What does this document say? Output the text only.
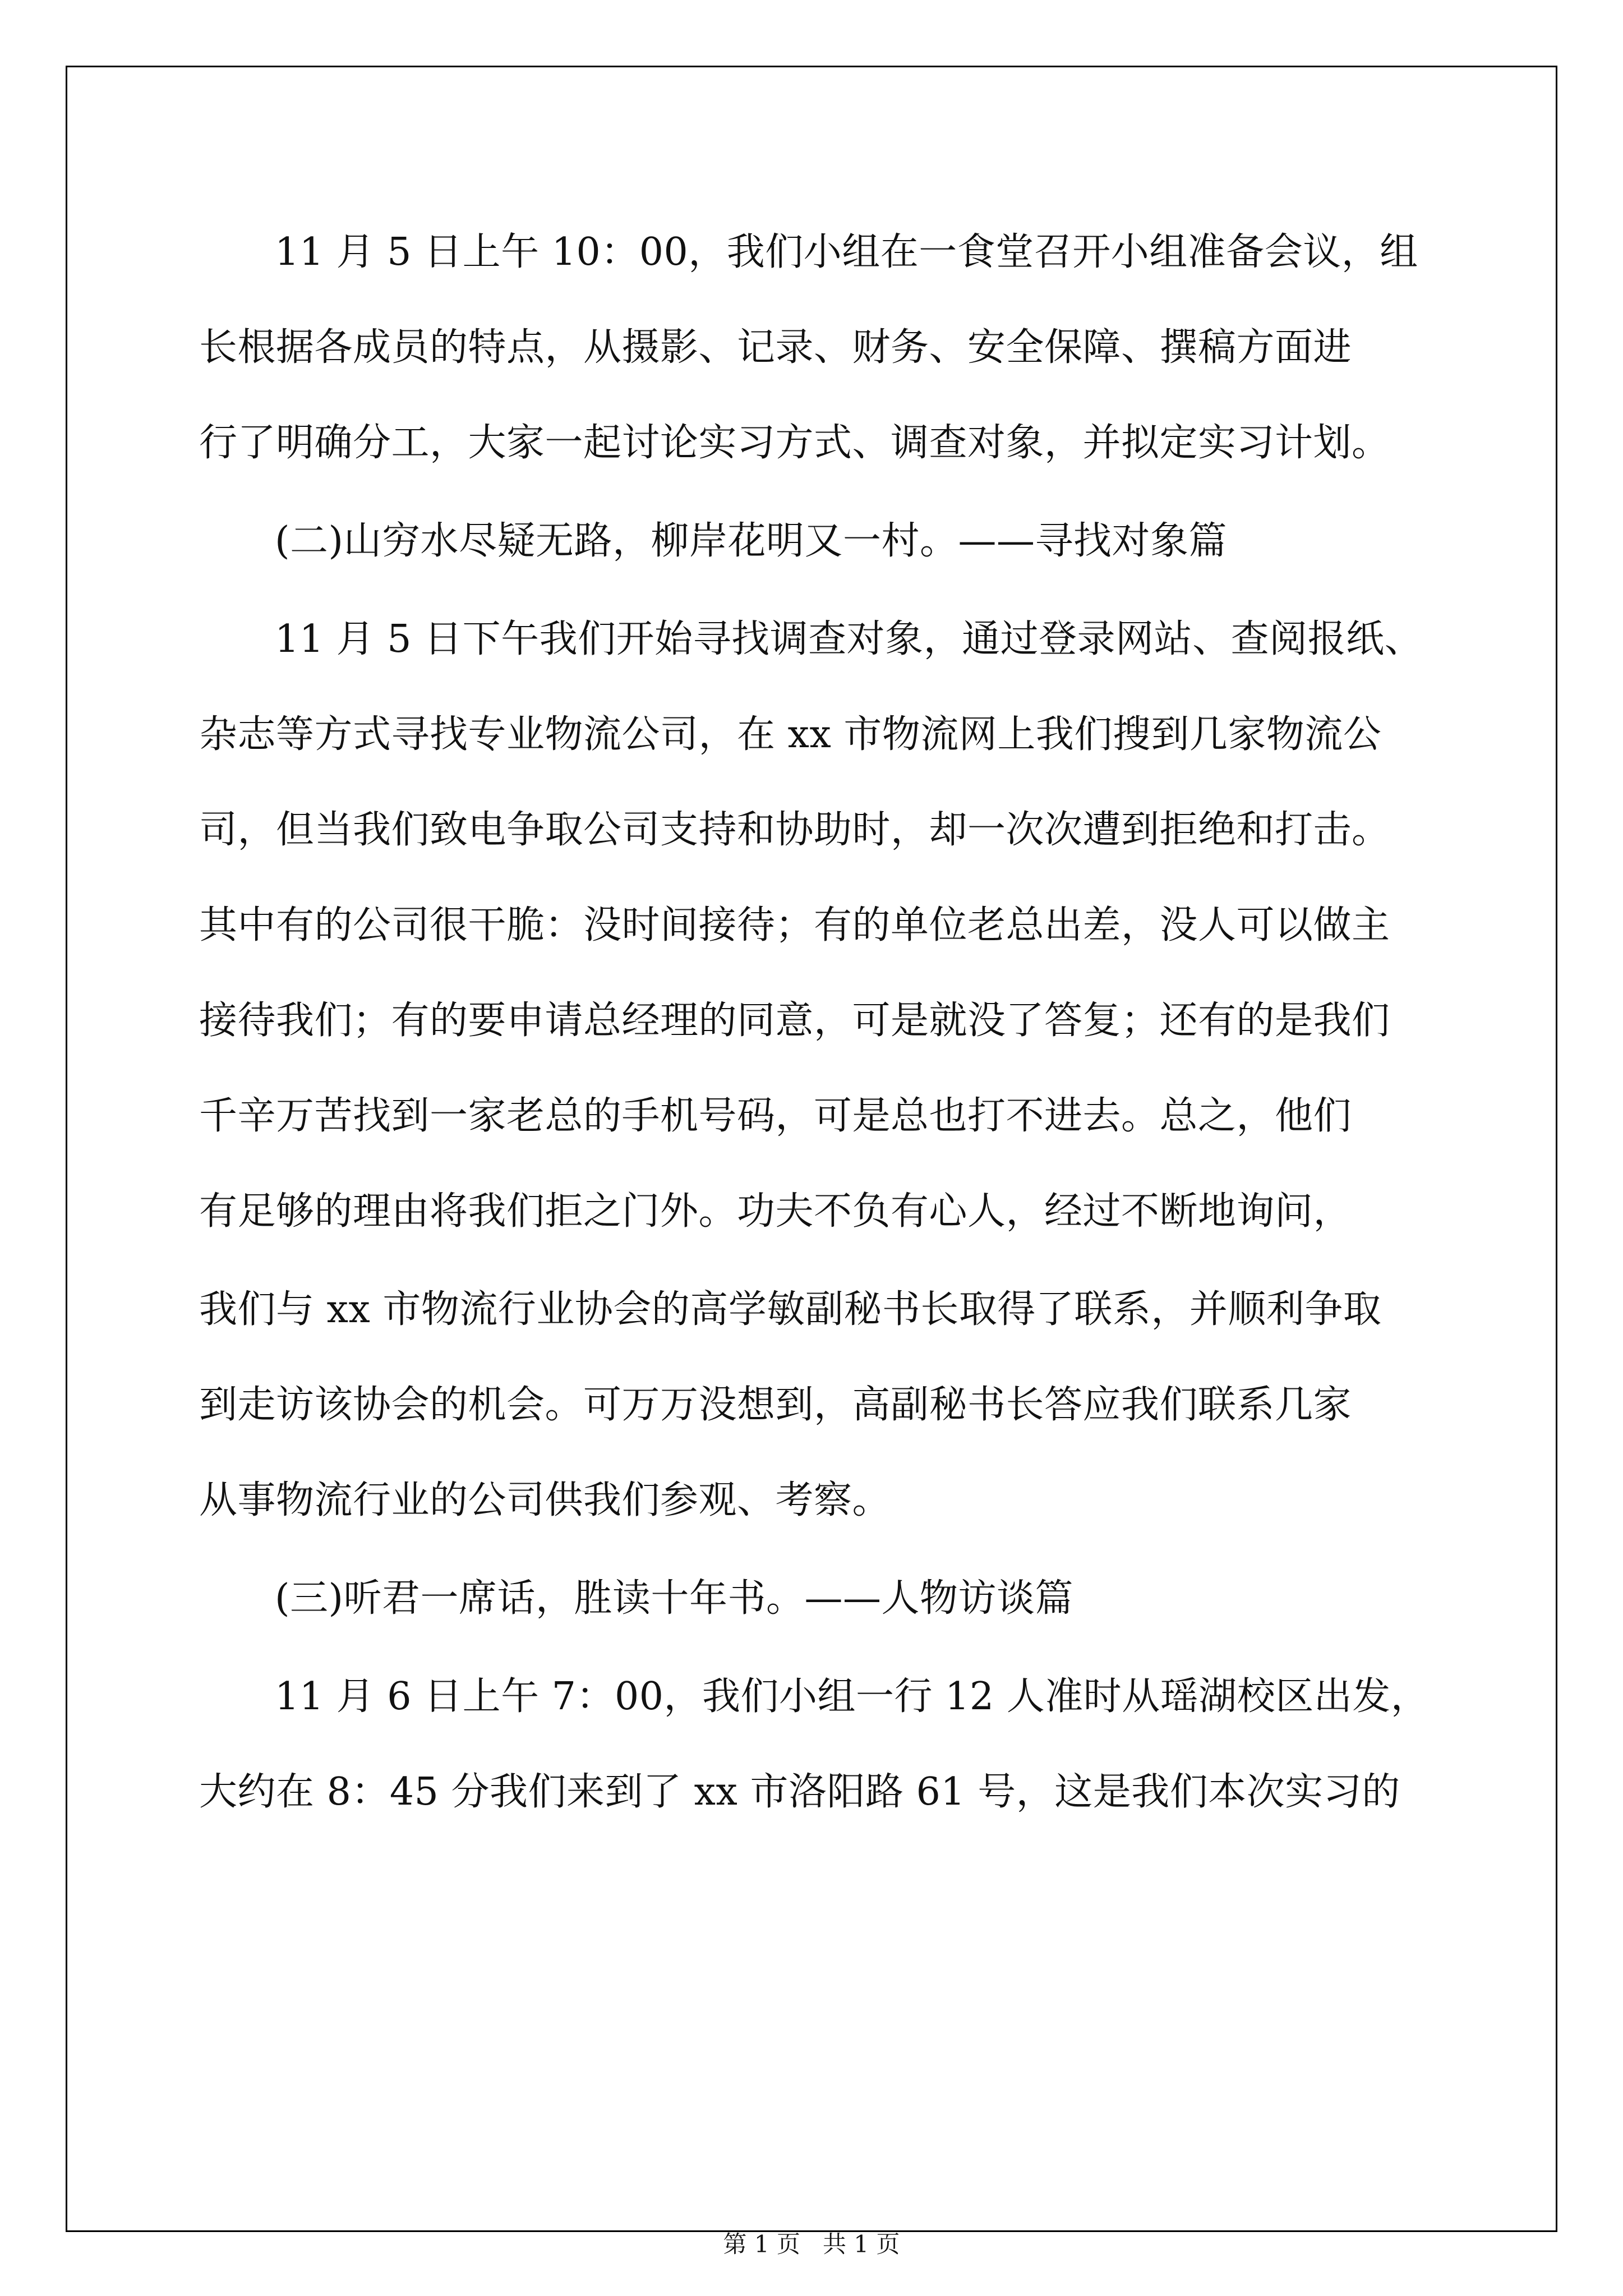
11 月 5 日上午 10：00，我们小组在一食堂召开小组准备会议，组
长根据各成员的特点，从摄影、记录、财务、安全保障、撰稿方面进
行了明确分工，大家一起讨论实习方式、调查对象，并拟定实习计划。
(二)山穷水尽疑无路，柳岸花明又一村。——寻找对象篇
11 月 5 日下午我们开始寻找调查对象，通过登录网站、查阅报纸、
杂志等方式寻找专业物流公司，在 xx 市物流网上我们搜到几家物流公
司，但当我们致电争取公司支持和协助时，却一次次遭到拒绝和打击。
其中有的公司很干脆：没时间接待；有的单位老总出差，没人可以做主
接待我们；有的要申请总经理的同意，可是就没了答复；还有的是我们
千辛万苦找到一家老总的手机号码，可是总也打不进去。总之，他们
有足够的理由将我们拒之门外。功夫不负有心人，经过不断地询问，
我们与 xx 市物流行业协会的高学敏副秘书长取得了联系，并顺利争取
到走访该协会的机会。可万万没想到，高副秘书长答应我们联系几家
从事物流行业的公司供我们参观、考察。
(三)听君一席话，胜读十年书。——人物访谈篇
11 月 6 日上午 7：00，我们小组一行 12 人准时从瑶湖校区出发，
大约在 8：45 分我们来到了 xx 市洛阳路 61 号，这是我们本次实习的
第 1 页   共 1 页
